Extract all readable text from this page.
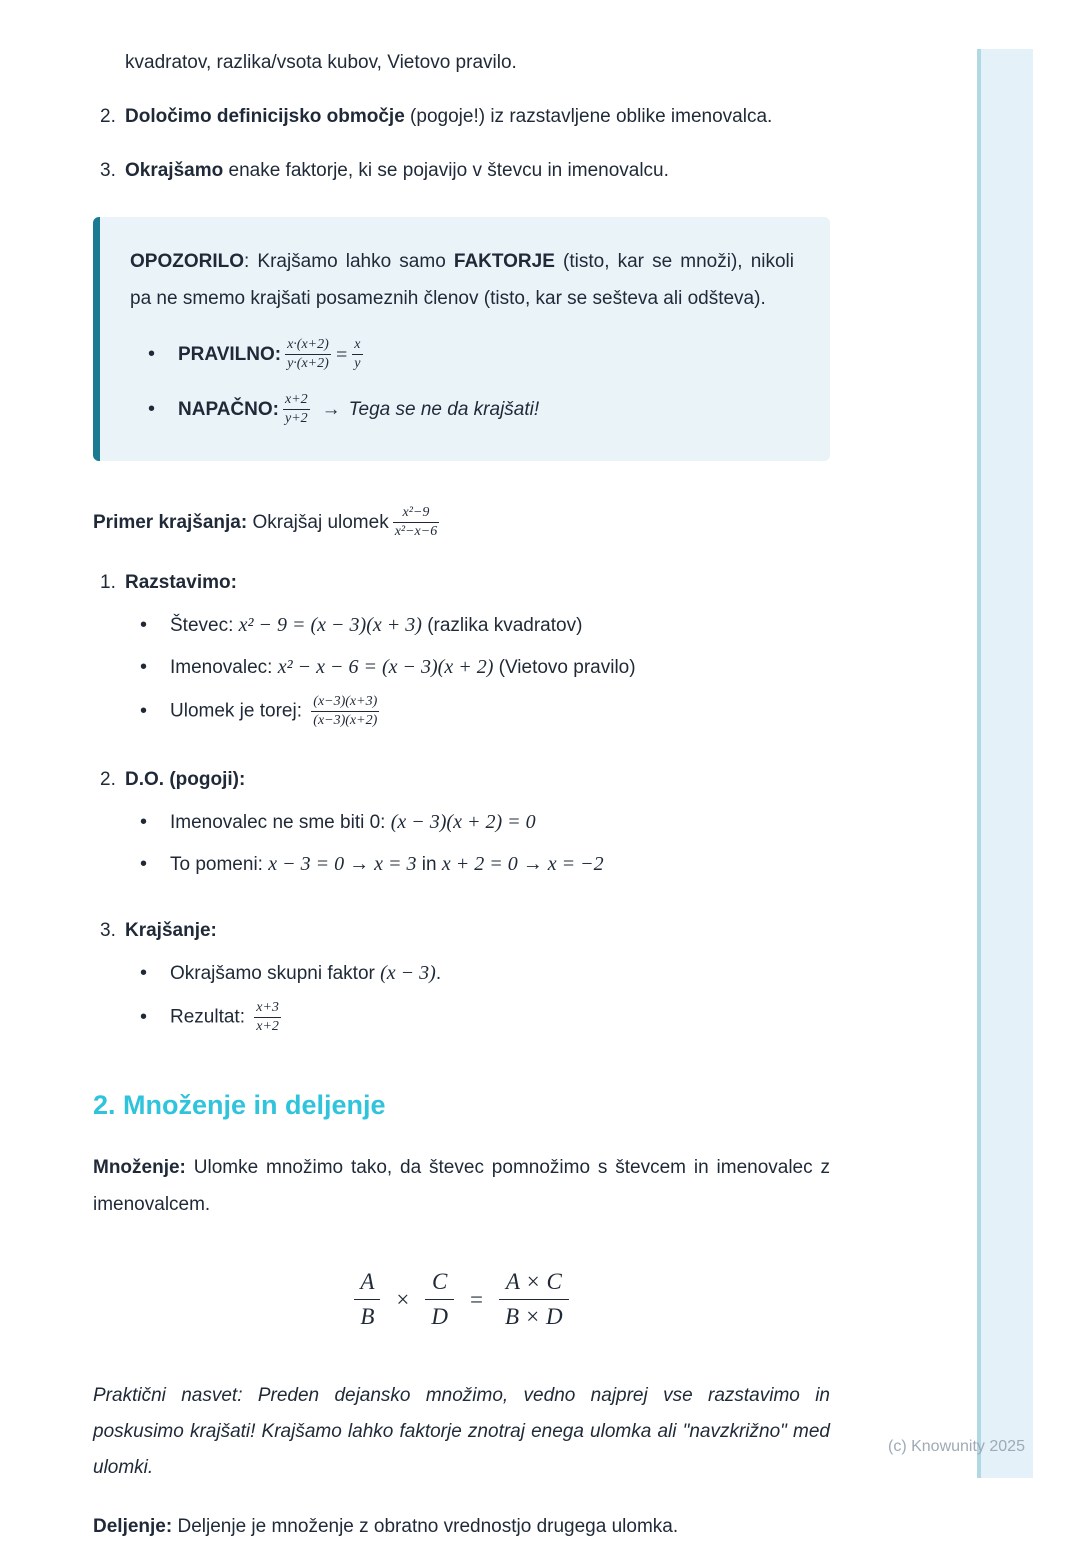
(c) Knowunity 2025

kvadratov, razlika/vsota kubov, Vietovo pravilo.

2. Določimo definicijsko območje (pogoje!) iz razstavljene oblike imenovalca.
3. Okrajšamo enake faktorje, ki se pojavijo v števcu in imenovalcu.

OPOZORILO: Krajšamo lahko samo FAKTORJE (tisto, kar se množi), nikoli pa ne smemo krajšati posameznih členov (tisto, kar se sešteva ali odšteva).

•
PRAVILNO: $\frac{x\cdot(x+2)}{y\cdot(x+2)} = \frac{x}{y}$
•
NAPAČNO: $\frac{x+2}{y+2}$ → Tega se ne da krajšati!
Primer krajšanja: Okrajšaj ulomek $\frac{\text{x²−9}}{\text{x²−x−6}}$
1. Razstavimo:
•
Števec: x² − 9 = (x − 3)(x + 3) (razlika kvadratov)
•
Imenovalec: x² − x − 6 = (x − 3)(x + 2) (Vietovo pravilo)
•
Ulomek je torej: $\frac{(x-3)(x+3)}{(x-3)(x+2)}$
2. D.O. (pogoji):
•
Imenovalec ne sme biti 0: (x − 3)(x + 2) = 0
•
To pomeni: x − 3 = 0 → x = 3 in x + 2 = 0 → x = −2
3. Krajšanje:
•
Okrajšamo skupni faktor (x − 3).
•
Rezultat: $\frac{x+3}{x+2}$
2. Množenje in deljenje

Množenje: Ulomke množimo tako, da števec pomnožimo s števcem in imenovalec z imenovalcem.

$\frac{A}{B} \times \frac{C}{D} = \frac{A \times C}{B \times D}$

Praktični nasvet: Preden dejansko množimo, vedno najprej vse razstavimo in poskusimo krajšati! Krajšamo lahko faktorje znotraj enega ulomka ali "navzkrižno" med ulomki.

Deljenje: Deljenje je množenje z obratno vrednostjo drugega ulomka.
